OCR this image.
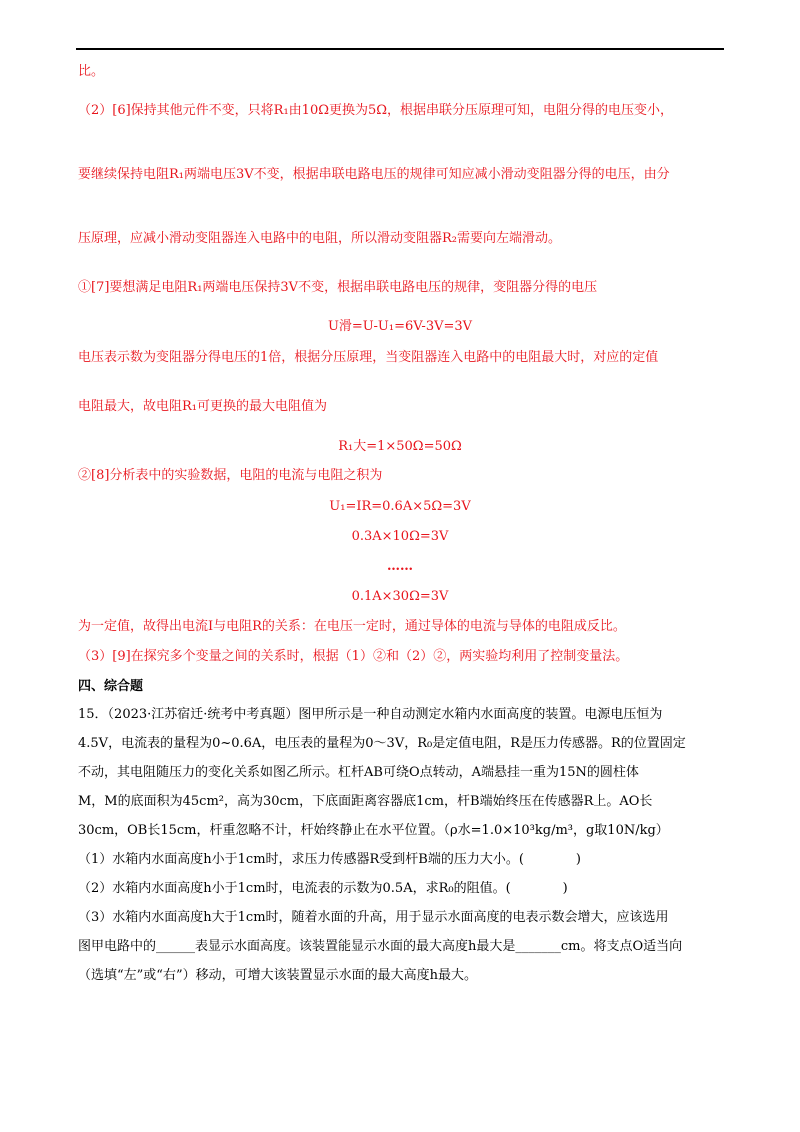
比。
（2）[6]保持其他元件不变，只将R₁由10Ω更换为5Ω，根据串联分压原理可知，电阻分得的电压变小，
要继续保持电阻R₁两端电压3V不变，根据串联电路电压的规律可知应减小滑动变阻器分得的电压，由分
压原理，应减小滑动变阻器连入电路中的电阻，所以滑动变阻器R₂需要向左端滑动。
①[7]要想满足电阻R₁两端电压保持3V不变，根据串联电路电压的规律，变阻器分得的电压
U滑=U-U₁=6V-3V=3V
电压表示数为变阻器分得电压的1倍，根据分压原理，当变阻器连入电路中的电阻最大时，对应的定值
电阻最大，故电阻R₁可更换的最大电阻值为
R₁大=1×50Ω=50Ω
②[8]分析表中的实验数据，电阻的电流与电阻之积为
U₁=IR=0.6A×5Ω=3V
0.3A×10Ω=3V
……
0.1A×30Ω=3V
为一定值，故得出电流I与电阻R的关系：在电压一定时，通过导体的电流与导体的电阻成反比。
（3）[9]在探究多个变量之间的关系时，根据（1）②和（2）②，两实验均利用了控制变量法。
四、综合题
15．（2023·江苏宿迁·统考中考真题）图甲所示是一种自动测定水箱内水面高度的装置。电源电压恒为
4.5V，电流表的量程为0~0.6A，电压表的量程为0～3V，R₀是定值电阻，R是压力传感器。R的位置固定
不动，其电阻随压力的变化关系如图乙所示。杠杆AB可绕O点转动，A端悬挂一重为15N的圆柱体
M，M的底面积为45cm²，高为30cm，下底面距离容器底1cm，杆B端始终压在传感器R上。AO长
30cm，OB长15cm，杆重忽略不计，杆始终静止在水平位置。（ρ水=1.0×10³kg/m³，g取10N/kg）
（1）水箱内水面高度h小于1cm时，求压力传感器R受到杆B端的压力大小。(　　　　)
（2）水箱内水面高度h小于1cm时，电流表的示数为0.5A，求R₀的阻值。(　　　　)
（3）水箱内水面高度h大于1cm时，随着水面的升高，用于显示水面高度的电表示数会增大，应该选用
图甲电路中的______表显示水面高度。该装置能显示水面的最大高度h最大是_______cm。将支点O适当向
（选填“左”或“右”）移动，可增大该装置显示水面的最大高度h最大。
